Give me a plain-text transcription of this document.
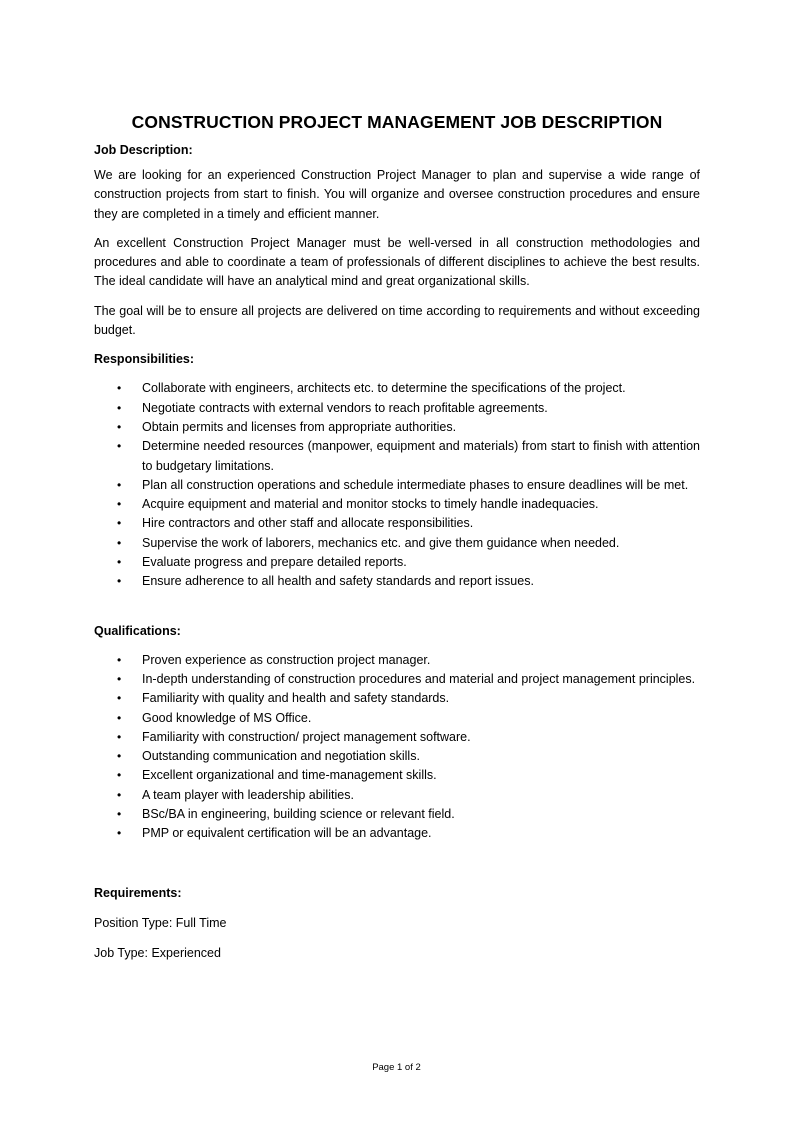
CONSTRUCTION PROJECT MANAGEMENT JOB DESCRIPTION
Job Description:

We are looking for an experienced Construction Project Manager to plan and supervise a wide range of construction projects from start to finish. You will organize and oversee construction procedures and ensure they are completed in a timely and efficient manner.

An excellent Construction Project Manager must be well-versed in all construction methodologies and procedures and able to coordinate a team of professionals of different disciplines to achieve the best results. The ideal candidate will have an analytical mind and great organizational skills.

The goal will be to ensure all projects are delivered on time according to requirements and without exceeding budget.

Responsibilities:
• Collaborate with engineers, architects etc. to determine the specifications of the project.
• Negotiate contracts with external vendors to reach profitable agreements.
• Obtain permits and licenses from appropriate authorities.
• Determine needed resources (manpower, equipment and materials) from start to finish with attention to budgetary limitations.
• Plan all construction operations and schedule intermediate phases to ensure deadlines will be met.
• Acquire equipment and material and monitor stocks to timely handle inadequacies.
• Hire contractors and other staff and allocate responsibilities.
• Supervise the work of laborers, mechanics etc. and give them guidance when needed.
• Evaluate progress and prepare detailed reports.
• Ensure adherence to all health and safety standards and report issues.
Qualifications:
• Proven experience as construction project manager.
• In-depth understanding of construction procedures and material and project management principles.
• Familiarity with quality and health and safety standards.
• Good knowledge of MS Office.
• Familiarity with construction/ project management software.
• Outstanding communication and negotiation skills.
• Excellent organizational and time-management skills.
• A team player with leadership abilities.
• BSc/BA in engineering, building science or relevant field.
• PMP or equivalent certification will be an advantage.
Requirements:
Position Type: Full Time
Job Type: Experienced
Page 1 of 2
